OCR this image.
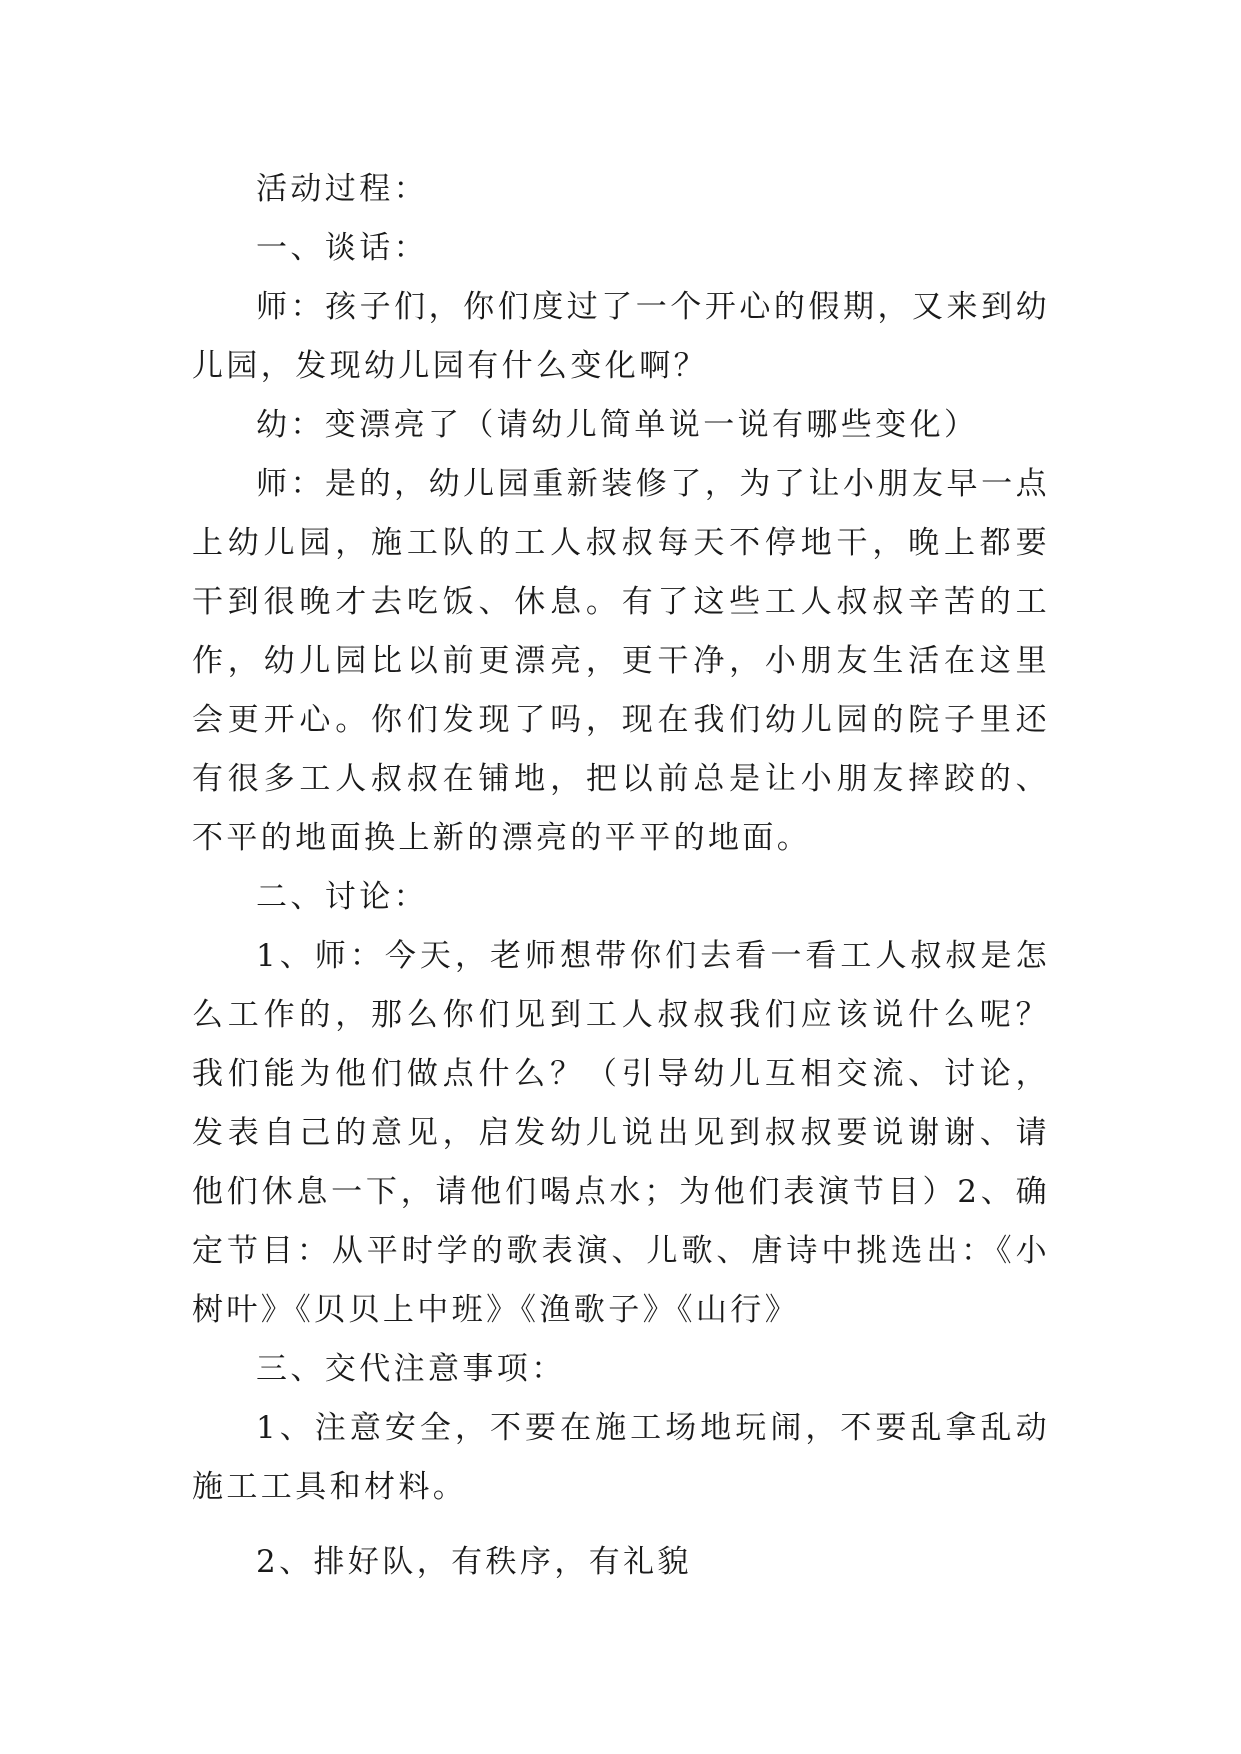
活动过程：

一、谈话：

师：孩子们，你们度过了一个开心的假期，又来到幼儿园，发现幼儿园有什么变化啊？

幼：变漂亮了（请幼儿简单说一说有哪些变化）

师：是的，幼儿园重新装修了，为了让小朋友早一点上幼儿园，施工队的工人叔叔每天不停地干，晚上都要干到很晚才去吃饭、休息。有了这些工人叔叔辛苦的工作，幼儿园比以前更漂亮，更干净，小朋友生活在这里会更开心。你们发现了吗，现在我们幼儿园的院子里还有很多工人叔叔在铺地，把以前总是让小朋友摔跤的、不平的地面换上新的漂亮的平平的地面。

二、讨论：

1、师：今天，老师想带你们去看一看工人叔叔是怎么工作的，那么你们见到工人叔叔我们应该说什么呢？我们能为他们做点什么？（引导幼儿互相交流、讨论，发表自己的意见，启发幼儿说出见到叔叔要说谢谢、请他们休息一下，请他们喝点水；为他们表演节目）2、确定节目：从平时学的歌表演、儿歌、唐诗中挑选出：《小树叶》《贝贝上中班》《渔歌子》《山行》

三、交代注意事项：

1、注意安全，不要在施工场地玩闹，不要乱拿乱动施工工具和材料。

2、排好队，有秩序，有礼貌
